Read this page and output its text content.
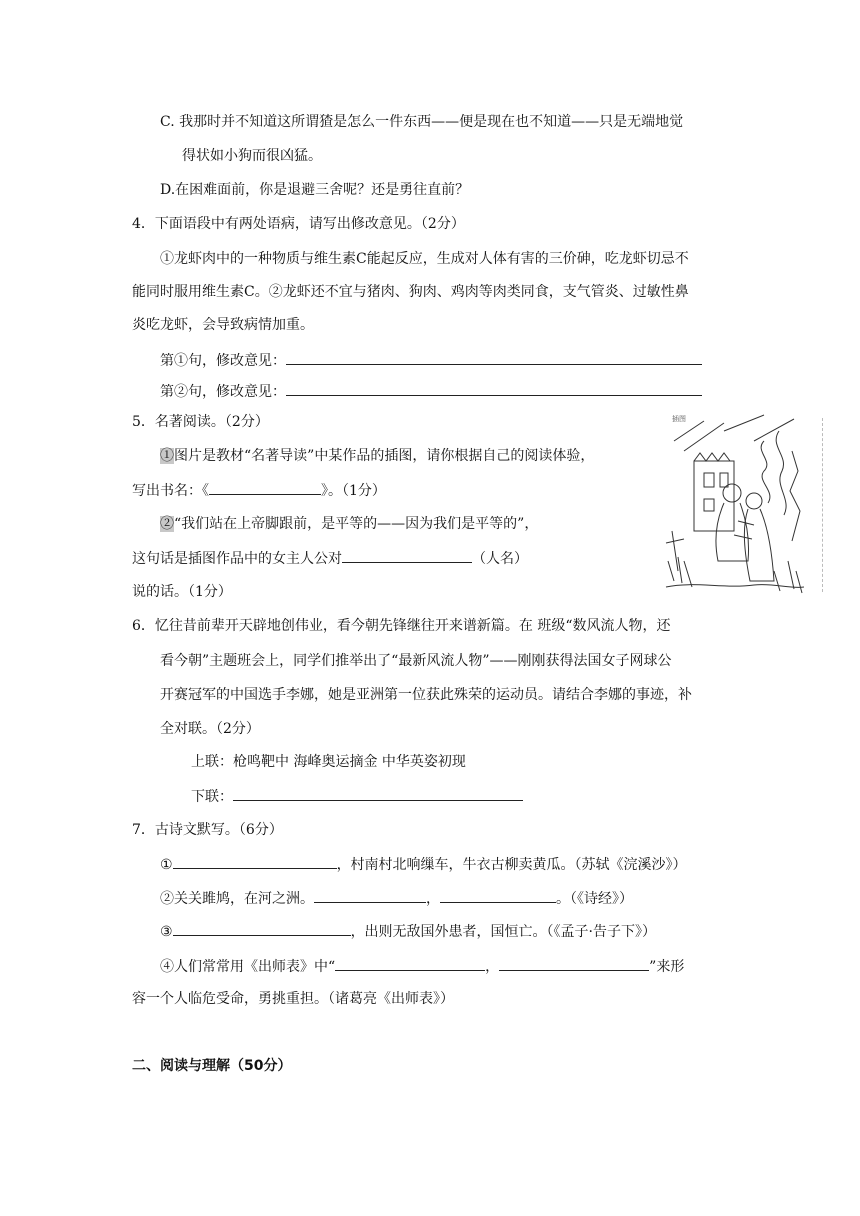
C. 我那时并不知道这所谓猹是怎么一件东西——便是现在也不知道——只是无端地觉
得状如小狗而很凶猛。
D.在困难面前，你是退避三舍呢？还是勇往直前？
4．下面语段中有两处语病，请写出修改意见。（2分）
①龙虾肉中的一种物质与维生素C能起反应，生成对人体有害的三价砷，吃龙虾切忌不
能同时服用维生素C。②龙虾还不宜与猪肉、狗肉、鸡肉等肉类同食，支气管炎、过敏性鼻
炎吃龙虾，会导致病情加重。
第①句，修改意见：
第②句，修改意见：
5．名著阅读。（2分）
①图片是教材“名著导读”中某作品的插图，请你根据自己的阅读体验，
写出书名：《	》。（1分）
②“我们站在上帝脚跟前，是平等的——因为我们是平等的”，
这句话是插图作品中的女主人公对	（人名）
说的话。（1分）
插图
6．忆往昔前辈开天辟地创伟业，看今朝先锋继往开来谱新篇。在 班级“数风流人物，还
看今朝”主题班会上，同学们推举出了“最新风流人物”——刚刚获得法国女子网球公
开赛冠军的中国选手李娜，她是亚洲第一位获此殊荣的运动员。请结合李娜的事迹，补
全对联。（2分）
上联：枪鸣靶中 海峰奥运摘金 中华英姿初现
下联：
7．古诗文默写。（6分）
①	，村南村北响缫车，牛衣古柳卖黄瓜。（苏轼《浣溪沙》）
②关关雎鸠，在河之洲。	，	。（《诗经》）
③	，出则无敌国外患者，国恒亡。（《孟子·告子下》）
④人们常常用《出师表》中“	，	”来形
容一个人临危受命，勇挑重担。（诸葛亮《出师表》）
二、阅读与理解（50分）
